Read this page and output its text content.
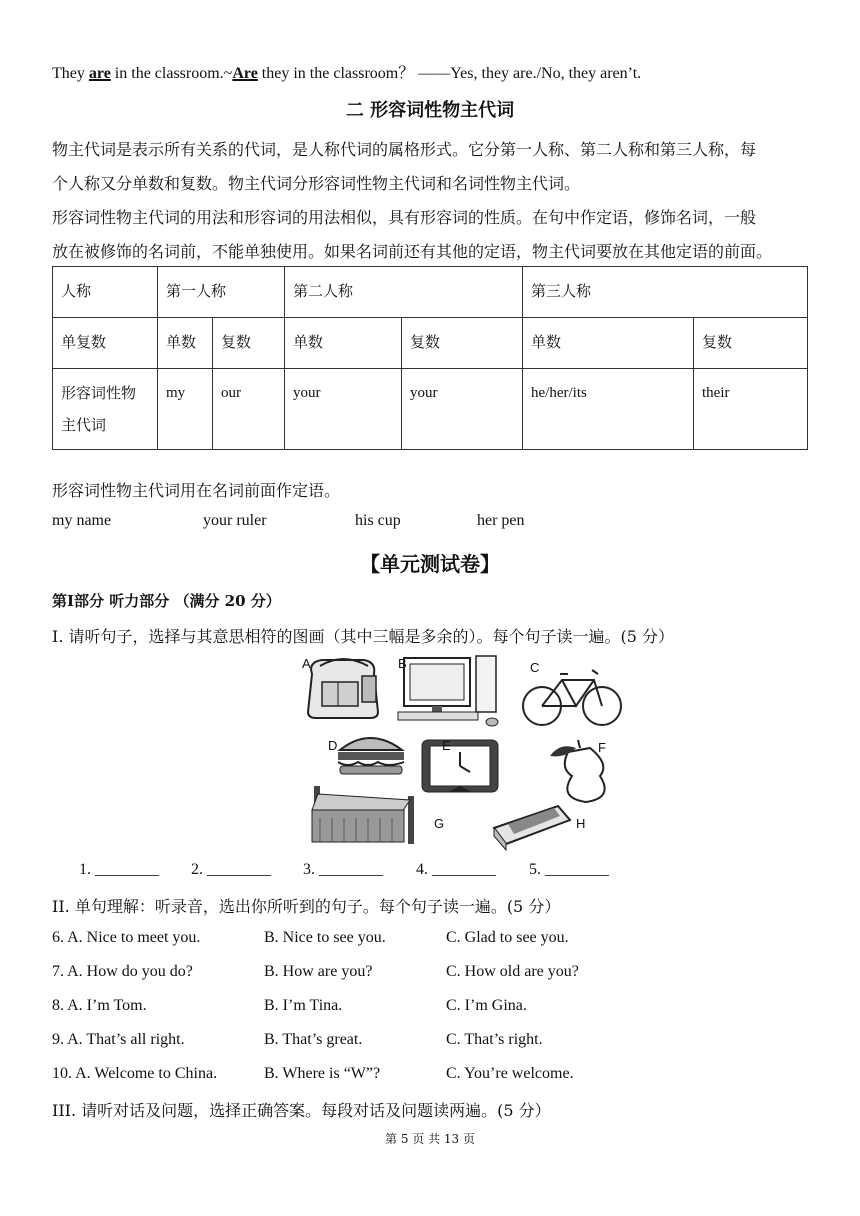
They are in the classroom.~Are they in the classroom？ ——Yes, they are./No, they aren’t.
二 形容词性物主代词
物主代词是表示所有关系的代词，是人称代词的属格形式。它分第一人称、第二人称和第三人称，每
个人称又分单数和复数。物主代词分形容词性物主代词和名词性物主代词。
形容词性物主代词的用法和形容词的用法相似，具有形容词的性质。在句中作定语，修饰名词，一般
放在被修饰的名词前，不能单独使用。如果名词前还有其他的定语，物主代词要放在其他定语的前面。
人称	第一人称		第二人称		第三人称	
单复数	单数	复数	单数	复数	单数	复数
形容词性物主代词	my	our	your	your	he/her/its	their
形容词性物主代词用在名词前面作定语。
my name	your ruler	his cup	her pen
【单元测试卷】
第Ⅰ部分 听力部分 （满分 20 分）
I. 请听句子，选择与其意思相符的图画（其中三幅是多余的）。每个句子读一遍。(5 分）
A	B	C
D	E	F
G	H
1. ________ 2. ________ 3. ________ 4. ________ 5. ________
II. 单句理解：听录音，选出你所听到的句子。每个句子读一遍。(5 分）
6. A. Nice to meet you.	B. Nice to see you.	C. Glad to see you.
7. A. How do you do?	B. How are you?	C. How old are you?
8. A. I’m Tom.	B. I’m Tina.	C. I’m Gina.
9. A. That’s all right.	B. That’s great.	C. That’s right.
10. A. Welcome to China.	B. Where is “W”?	C. You’re welcome.
III. 请听对话及问题，选择正确答案。每段对话及问题读两遍。(5 分）
第 5 页 共 13 页
